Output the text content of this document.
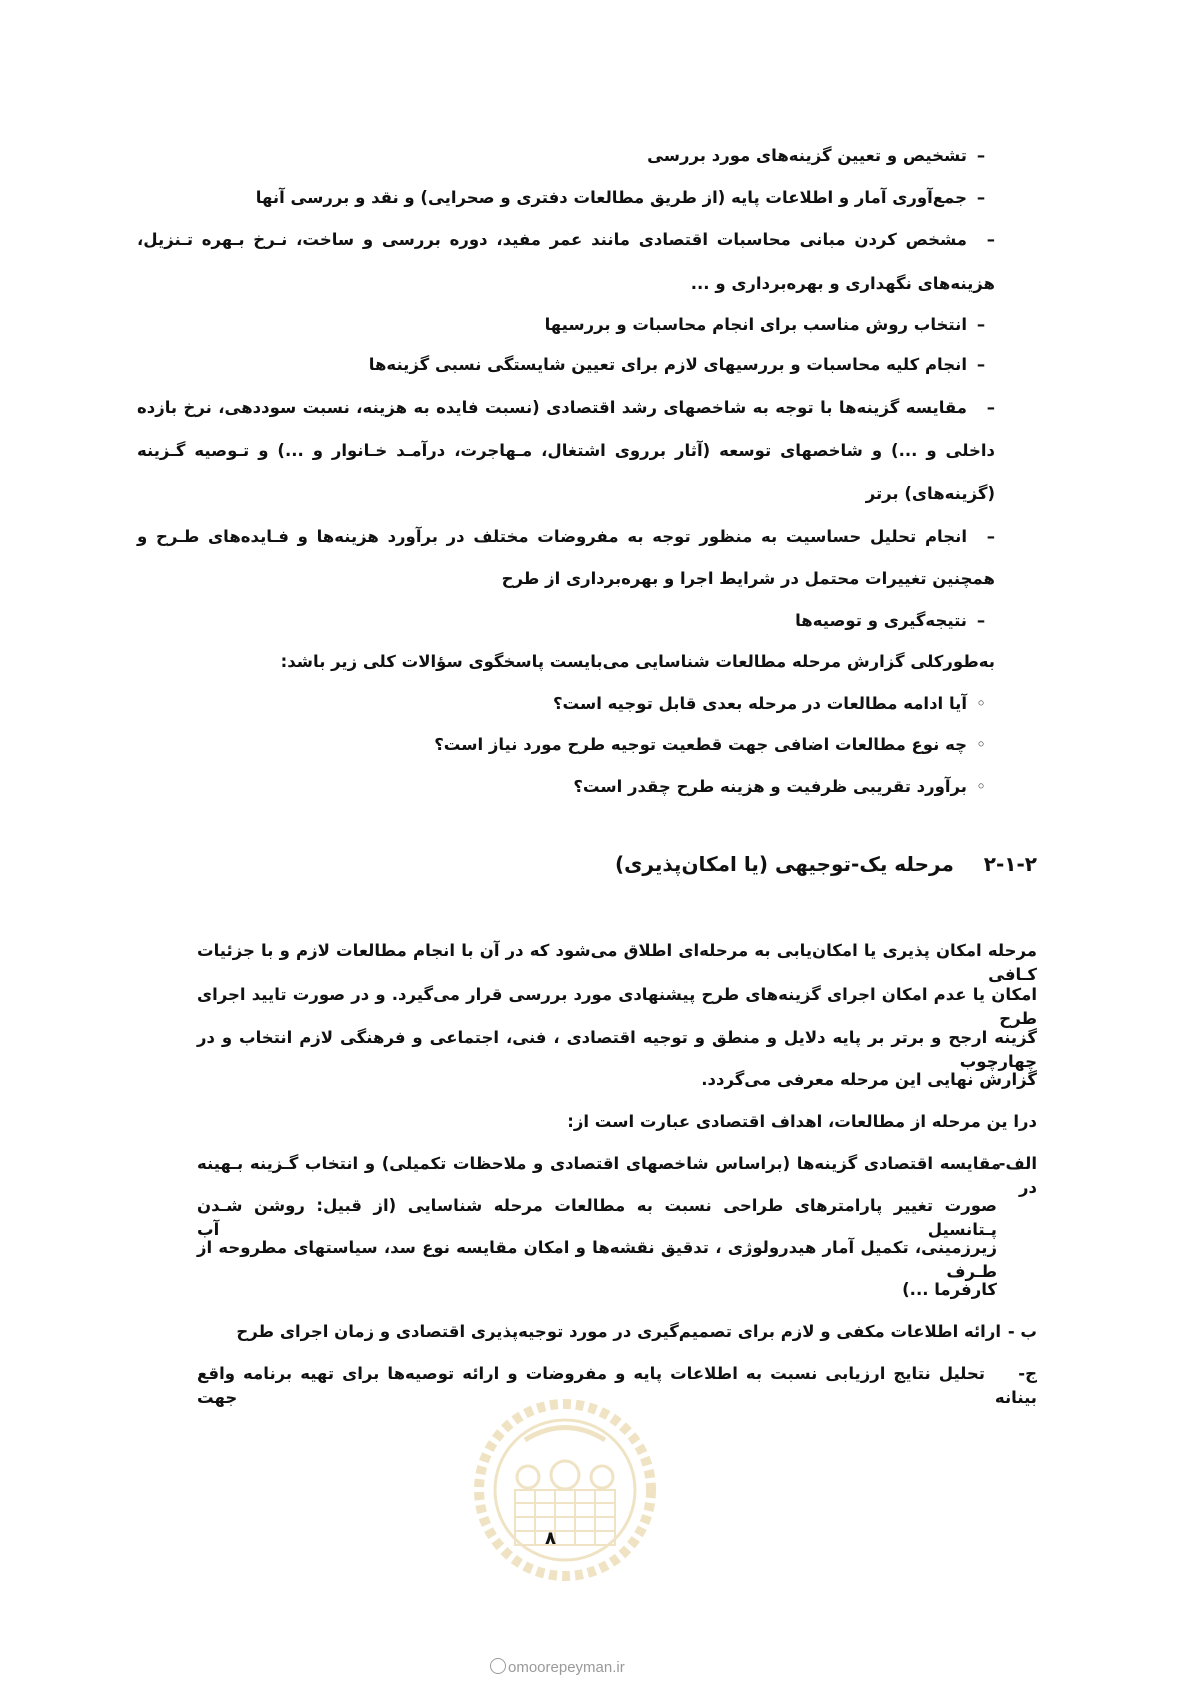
–تشخیص و تعیین گزینه‌های مورد بررسی
–جمع‌آوری آمار و اطلاعات پایه (از طریق مطالعات دفتری و صحرایی) و نقد و بررسی آنها
–مشخص کردن مبانی محاسبات اقتصادی مانند عمر مفید، دوره بررسی و ساخت، نـرخ بـهره تـنزیل،
هزینه‌های نگهداری و بهره‌برداری و ...
–انتخاب روش مناسب برای انجام محاسبات و بررسیها
–انجام کلیه محاسبات و بررسیهای لازم برای تعیین شایستگی نسبی گزینه‌ها
–مقایسه گزینه‌ها با توجه به شاخصهای رشد اقتصادی (نسبت فایده به هزینه، نسبت سوددهی، نرخ بازده
داخلی و ...) و شاخصهای توسعه (آثار برروی اشتغال، مـهاجرت، درآمـد خـانوار و ...) و تـوصیه گـزینه
(گزینه‌های) برتر
–انجام تحلیل حساسیت به منظور توجه به مفروضات مختلف در برآورد هزینه‌ها و فـایده‌های طـرح و
همچنین تغییرات محتمل در شرایط اجرا و بهره‌برداری از طرح
–نتیجه‌گیری و توصیه‌ها
به‌طورکلی گزارش مرحله مطالعات شناسایی می‌بایست پاسخگوی سؤالات کلی زیر باشد:
◦آیا ادامه مطالعات در مرحله بعدی قابل توجیه است؟
◦چه نوع مطالعات اضافی جهت قطعیت توجیه طرح مورد نیاز است؟
◦برآورد تقریبی ظرفیت و هزینه طرح چقدر است؟
۲-۱-۲  مرحله یک-توجیهی (یا امکان‌پذیری)
مرحله امکان پذیری یا امکان‌یابی به مرحله‌ای اطلاق می‌شود که در آن با انجام مطالعات لازم و با جزئیات کـافی
امکان یا عدم امکان اجرای گزینه‌های طرح پیشنهادی مورد بررسی قرار می‌گیرد. و در صورت تایید اجرای طرح
گزینه ارجح و برتر بر پایه دلایل و منطق و توجیه اقتصادی ، فنی، اجتماعی و فرهنگی لازم انتخاب و در چهارچوب
گزارش نهایی این مرحله معرفی می‌گردد.
درا ین مرحله از مطالعات، اهداف اقتصادی عبارت است از:
الف-مقایسه اقتصادی گزینه‌ها (براساس شاخصهای اقتصادی و ملاحظات تکمیلی) و انتخاب گـزینه بـهینه در
صورت تغییر پارامترهای طراحی نسبت به مطالعات مرحله شناسایی (از قبیل: روشن شـدن پـتانسیل آب
زیرزمینی، تکمیل آمار هیدرولوژی ، تدقیق نقشه‌ها و امکان مقایسه نوع سد، سیاستهای مطروحه از طـرف
کارفرما ...)
ب -ارائه اطلاعات مکفی و لازم برای تصمیم‌گیری در مورد توجیه‌پذیری اقتصادی و زمان اجرای طرح
ج-تحلیل نتایج ارزیابی نسبت به اطلاعات پایه و مفروضات و ارائه توصیه‌ها برای تهیه برنامه واقع بینانه جهت
۸
omoorepeyman.ir
